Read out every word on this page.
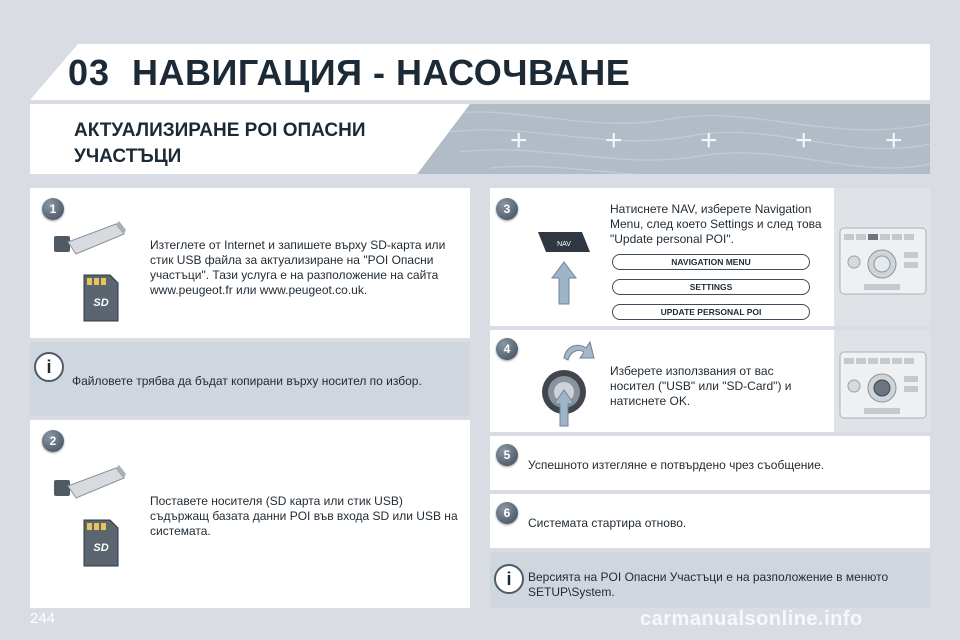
03 НАВИГАЦИЯ - НАСОЧВАНЕ
+	+	+	+ +
АКТУАЛИЗИРАНЕ POI ОПАСНИ УЧАСТЪЦИ
1
SD
Изтеглете от Internet и запишете върху SD-карта или стик USB файла за актуализиране на "POI Опасни участъци". Тази услуга е на разположение на сайта www.peugeot.fr или www.peugeot.co.uk.
i
Файловете трябва да бъдат копирани върху носител по избор.
2
SD
Поставете носителя (SD карта или стик USB) съдържащ базата данни POI във входа SD или USB на системата.
3
NAV
Натиснете NAV, изберете Navigation Menu, след което Settings и след това "Update personal POI".
NAVIGATION MENU
SETTINGS
UPDATE PERSONAL POI
4
Изберете използвания от вас носител ("USB" или "SD-Card") и натиснете OK.
5
Успешното изтегляне е потвърдено чрез съобщение.
6
Системата стартира отново.
i	Версията на POI Опасни Участъци е на разположение в менюто SETUP\System.
244	carmanualsonline.info
